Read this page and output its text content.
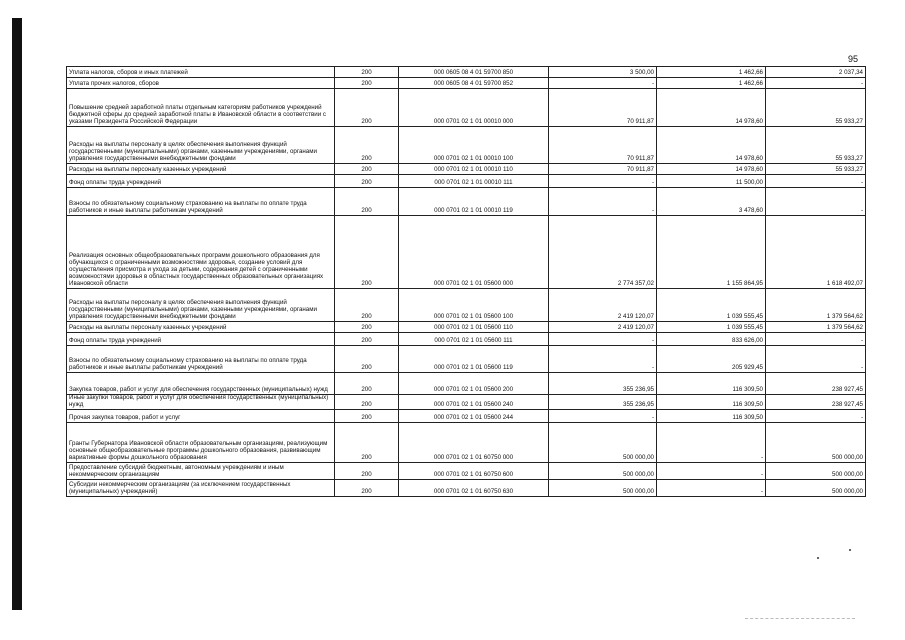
95
Уплата налогов, сборов и иных платежей	200	000 0605 08 4 01 59700 850	3 500,00	1 462,66	2 037,34
Уплата прочих налогов, сборов	200	000 0605 08 4 01 59700 852	-	1 462,66	-
Повышение средней заработной платы отдельным категориям работников учреждений бюджетной сферы до средней заработной платы в Ивановской области в соответствии с указами Президента Российской Федерации	200	000 0701 02 1 01 00010 000	70 911,87	14 978,60	55 933,27
Расходы на выплаты персоналу в целях обеспечения выполнения функций государственными (муниципальными) органами, казенными учреждениями, органами управления государственными внебюджетными фондами	200	000 0701 02 1 01 00010 100	70 911,87	14 978,60	55 933,27
Расходы на выплаты персоналу казенных учреждений	200	000 0701 02 1 01 00010 110	70 911,87	14 978,60	55 933,27
Фонд оплаты труда учреждений	200	000 0701 02 1 01 00010 111	-	11 500,00	-
Взносы по обязательному социальному страхованию на выплаты по оплате труда работников и иные выплаты работникам учреждений	200	000 0701 02 1 01 00010 119	-	3 478,60	-
Реализация основных общеобразовательных программ дошкольного образования для обучающихся с ограниченными возможностями здоровья, создание условий для осуществления присмотра и ухода за детьми, содержания детей с ограниченными возможностями здоровья в областных государственных образовательных организациях Ивановской области	200	000 0701 02 1 01 05600 000	2 774 357,02	1 155 864,95	1 618 492,07
Расходы на выплаты персоналу в целях обеспечения выполнения функций государственными (муниципальными) органами, казенными учреждениями, органами управления государственными внебюджетными фондами	200	000 0701 02 1 01 05600 100	2 419 120,07	1 039 555,45	1 379 564,62
Расходы на выплаты персоналу казенных учреждений	200	000 0701 02 1 01 05600 110	2 419 120,07	1 039 555,45	1 379 564,62
Фонд оплаты труда учреждений	200	000 0701 02 1 01 05600 111	-	833 626,00	-
Взносы по обязательному социальному страхованию на выплаты по оплате труда работников и иные выплаты работникам учреждений	200	000 0701 02 1 01 05600 119	-	205 929,45	-
Закупка товаров, работ и услуг для обеспечения государственных (муниципальных) нужд	200	000 0701 02 1 01 05600 200	355 236,95	116 309,50	238 927,45
Иные закупки товаров, работ и услуг для обеспечения государственных (муниципальных) нужд	200	000 0701 02 1 01 05600 240	355 236,95	116 309,50	238 927,45
Прочая закупка товаров, работ и услуг	200	000 0701 02 1 01 05600 244	-	116 309,50	-
Гранты Губернатора Ивановской области образовательным организациям, реализующим основные общеобразовательные программы дошкольного образования, развивающим вариативные формы дошкольного образования	200	000 0701 02 1 01 60750 000	500 000,00	-	500 000,00
Предоставление субсидий бюджетным, автономным учреждениям и иным некоммерческим организациям	200	000 0701 02 1 01 60750 600	500 000,00	-	500 000,00
Субсидии некоммерческим организациям (за исключением государственных (муниципальных) учреждений)	200	000 0701 02 1 01 60750 630	500 000,00	-	500 000,00
